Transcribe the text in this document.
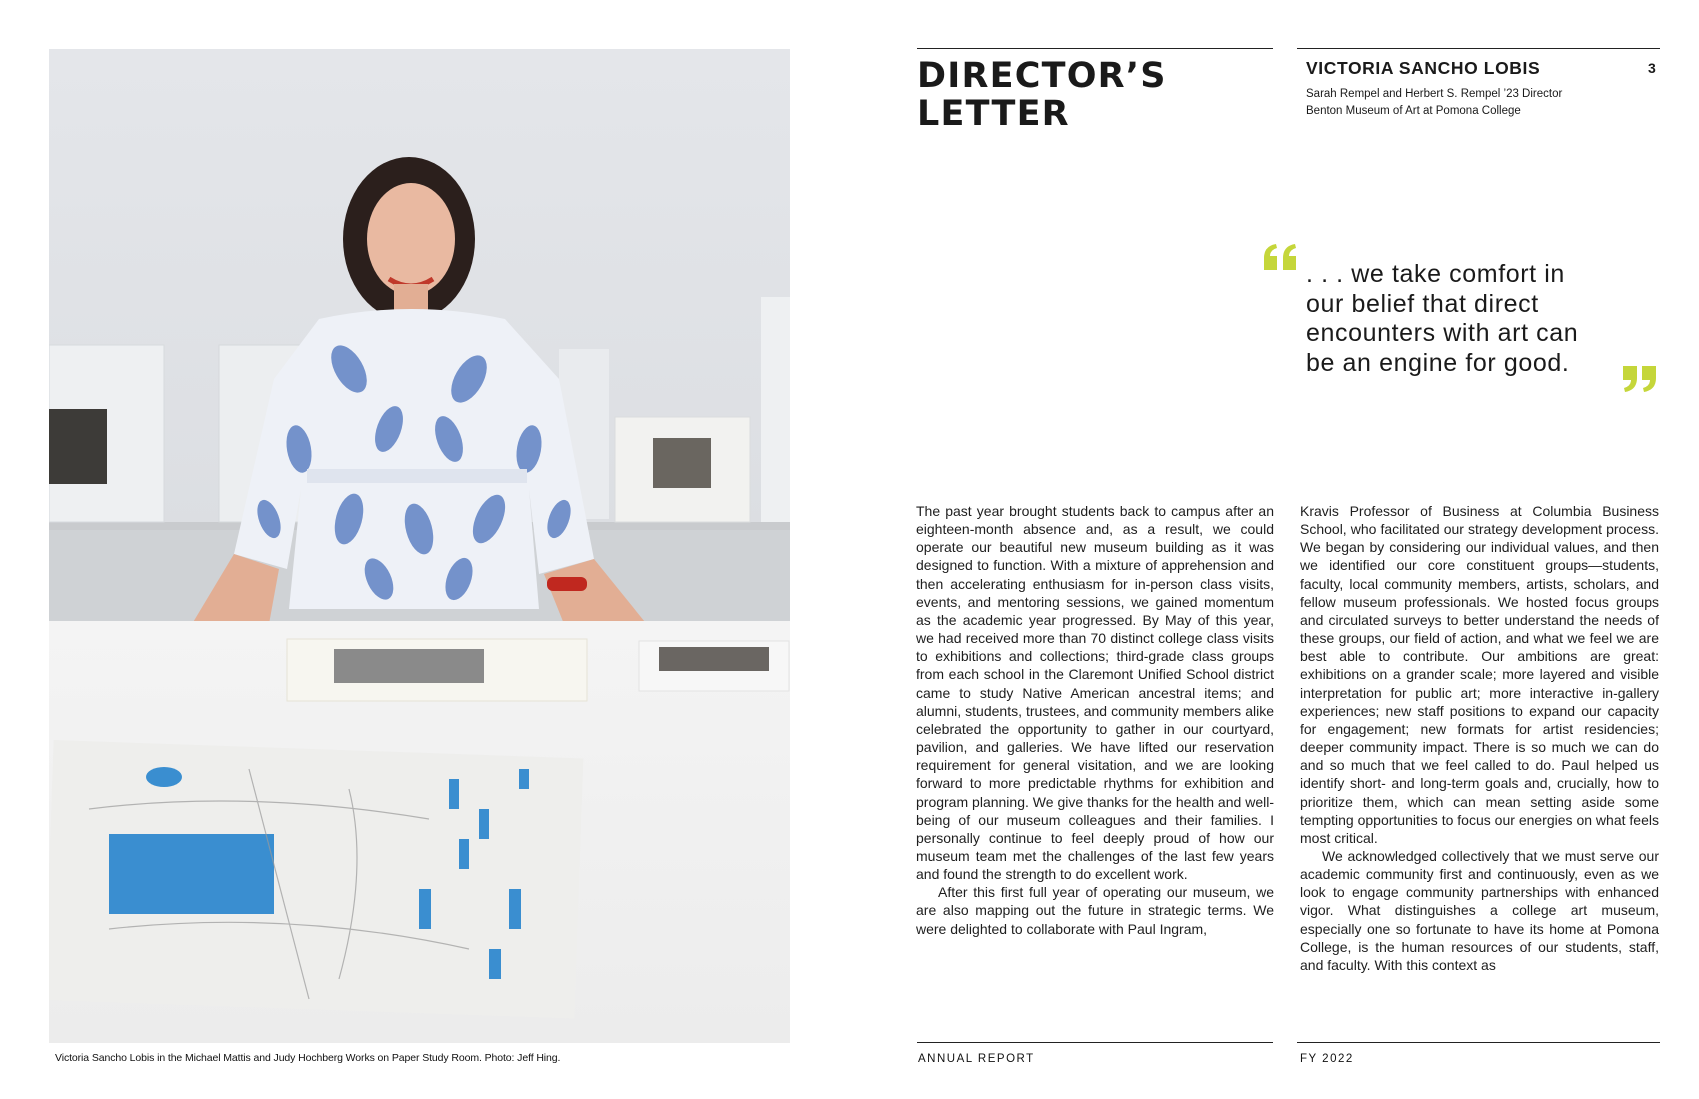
Victoria Sancho Lobis in the Michael Mattis and Judy Hochberg Works on Paper Study Room. Photo: Jeff Hing.
DIRECTOR’S
LETTER
VICTORIA SANCHO LOBIS	3
Sarah Rempel and Herbert S. Rempel ’23 Director
Benton Museum of Art at Pomona College
. . . we take comfort in
our belief that direct
encounters with art can
be an engine for good.

The past year brought students back to campus after an eighteen-month absence and, as a result, we could operate our beautiful new museum building as it was designed to function. With a mixture of apprehension and then accelerating enthusiasm for in-person class visits, events, and mentoring sessions, we gained momentum as the academic year progressed. By May of this year, we had received more than 70 distinct college class visits to exhibitions and collections; third-grade class groups from each school in the Claremont Unified School district came to study Native American ancestral items; and alumni, students, trustees, and community members alike celebrated the opportunity to gather in our courtyard, pavilion, and galleries. We have lifted our reservation requirement for general visitation, and we are looking forward to more predictable rhythms for exhibition and program planning. We give thanks for the health and well-being of our museum colleagues and their families. I personally continue to feel deeply proud of how our museum team met the challenges of the last few years and found the strength to do excellent work.

After this first full year of operating our museum, we are also mapping out the future in strategic terms. We were delighted to collaborate with Paul Ingram,

Kravis Professor of Business at Columbia Business School, who facilitated our strategy development process. We began by considering our individual values, and then we identified our core constituent groups—students, faculty, local community members, artists, scholars, and fellow museum professionals. We hosted focus groups and circulated surveys to better understand the needs of these groups, our field of action, and what we feel we are best able to contribute. Our ambitions are great: exhibitions on a grander scale; more layered and visible interpretation for public art; more interactive in-gallery experiences; new staff positions to expand our capacity for engagement; new formats for artist residencies; deeper community impact. There is so much we can do and so much that we feel called to do. Paul helped us identify short- and long-term goals and, crucially, how to prioritize them, which can mean setting aside some tempting opportunities to focus our energies on what feels most critical.

We acknowledged collectively that we must serve our academic community first and continuously, even as we look to engage community partnerships with enhanced vigor. What distinguishes a college art museum, especially one so fortunate to have its home at Pomona College, is the human resources of our students, staff, and faculty. With this context as

ANNUAL REPORT	FY 2022
